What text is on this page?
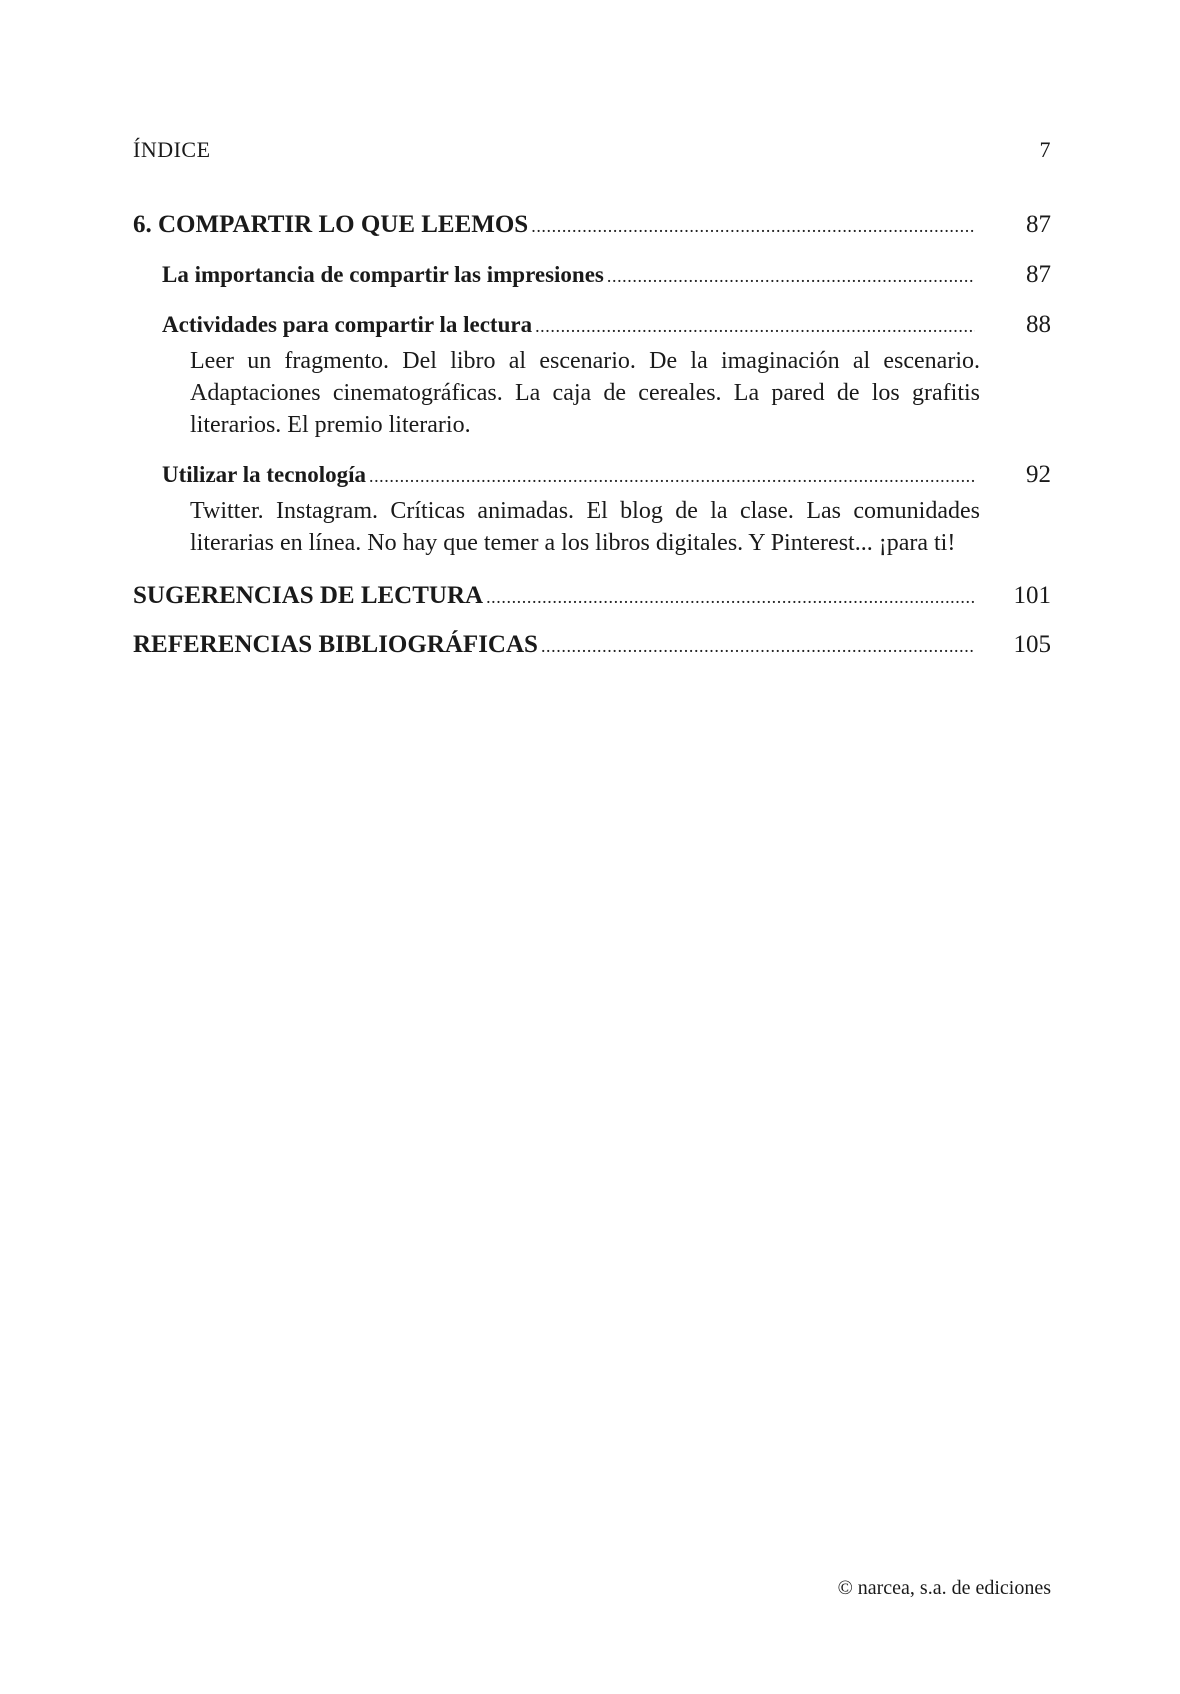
ÍNDICE	7
6. COMPARTIR LO QUE LEEMOS .....	87
La importancia de compartir las impresiones .....	87
Actividades para compartir la lectura .....	88
Leer un fragmento. Del libro al escenario. De la imaginación al escenario. Adaptaciones cinematográficas. La caja de cereales. La pared de los grafitis literarios. El premio literario.
Utilizar la tecnología .....	92
Twitter. Instagram. Críticas animadas. El blog de la clase. Las comunidades literarias en línea. No hay que temer a los libros digitales. Y Pinterest... ¡para ti!
SUGERENCIAS DE LECTURA .....	101
REFERENCIAS BIBLIOGRÁFICAS .....	105
© narcea, s.a. de ediciones
